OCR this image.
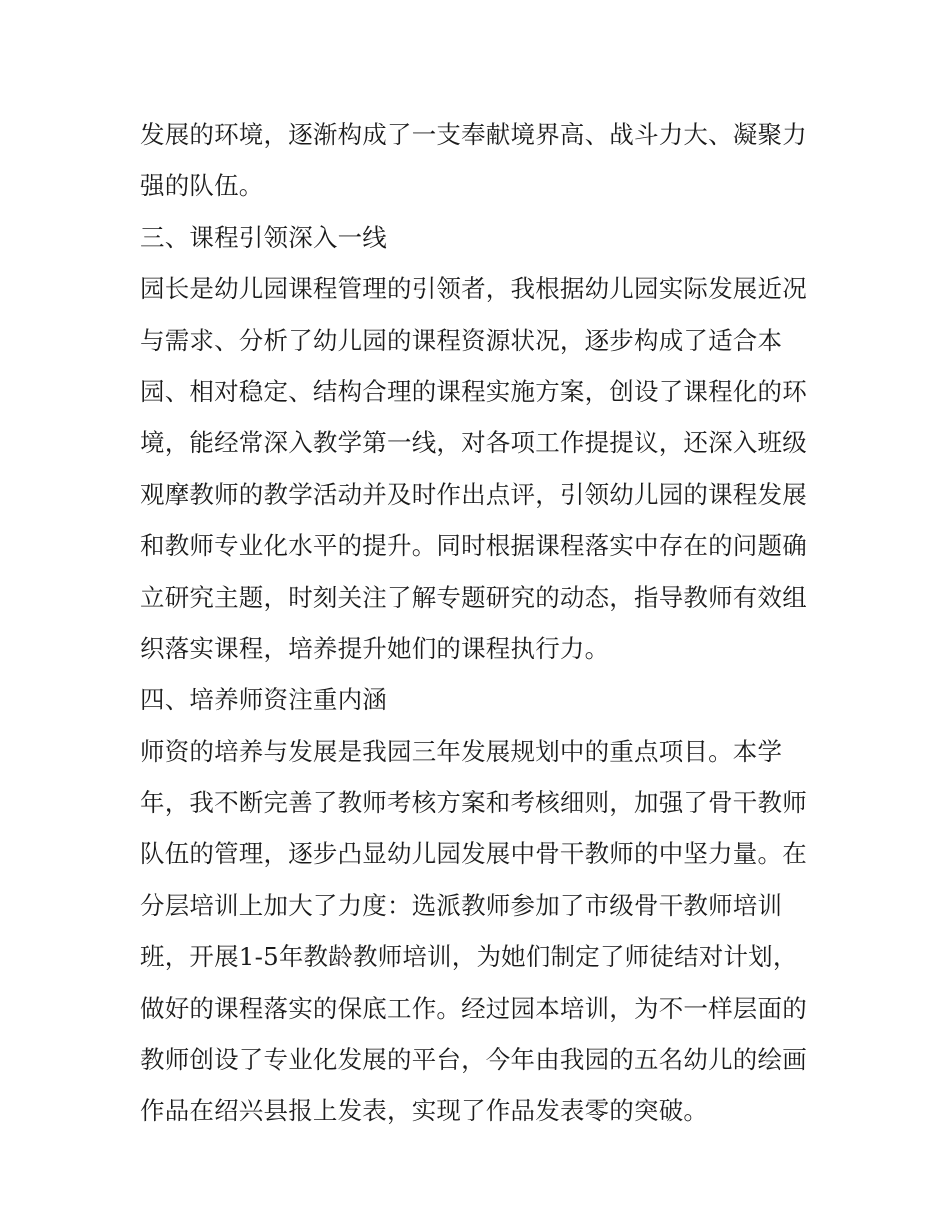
发展的环境，逐渐构成了一支奉献境界高、战斗力大、凝聚力
强的队伍。
三、课程引领深入一线
园长是幼儿园课程管理的引领者，我根据幼儿园实际发展近况
与需求、分析了幼儿园的课程资源状况，逐步构成了适合本
园、相对稳定、结构合理的课程实施方案，创设了课程化的环
境，能经常深入教学第一线，对各项工作提提议，还深入班级
观摩教师的教学活动并及时作出点评，引领幼儿园的课程发展
和教师专业化水平的提升。同时根据课程落实中存在的问题确
立研究主题，时刻关注了解专题研究的动态，指导教师有效组
织落实课程，培养提升她们的课程执行力。
四、培养师资注重内涵
师资的培养与发展是我园三年发展规划中的重点项目。本学
年，我不断完善了教师考核方案和考核细则，加强了骨干教师
队伍的管理，逐步凸显幼儿园发展中骨干教师的中坚力量。在
分层培训上加大了力度：选派教师参加了市级骨干教师培训
班，开展1-5年教龄教师培训，为她们制定了师徒结对计划，
做好的课程落实的保底工作。经过园本培训，为不一样层面的
教师创设了专业化发展的平台，今年由我园的五名幼儿的绘画
作品在绍兴县报上发表，实现了作品发表零的突破。
